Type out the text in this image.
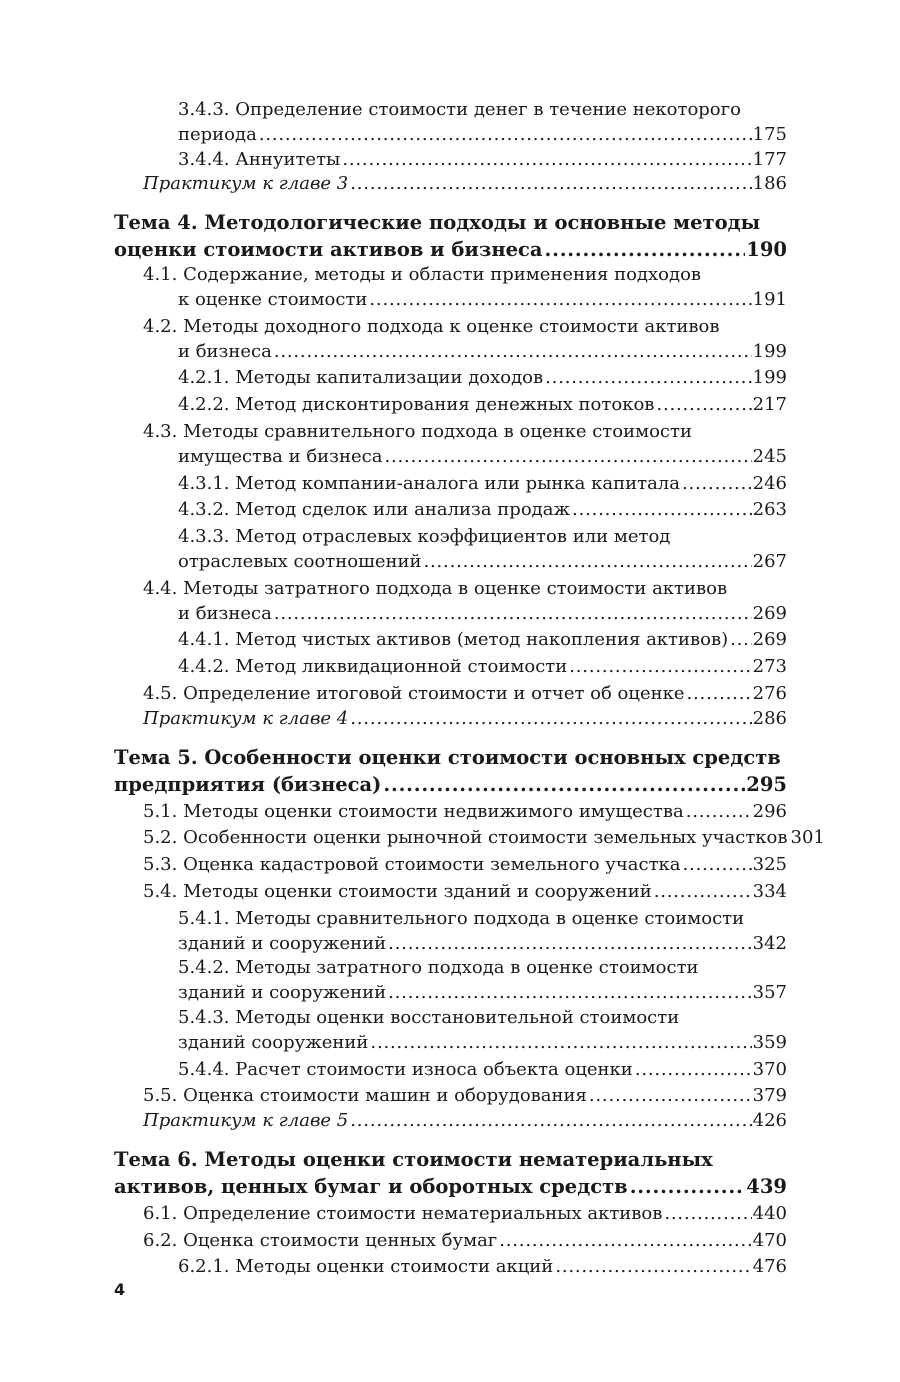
3.4.3. Определение стоимости денег в течение некоторого
периода .....	175
3.4.4. Аннуитеты .....	177
Практикум к главе 3 .....	186
Тема 4. Методологические подходы и основные методы
оценки стоимости активов и бизнеса .....	190
4.1. Содержание, методы и области применения подходов
к оценке стоимости .....	191
4.2. Методы доходного подхода к оценке стоимости активов
и бизнеса .....	199
4.2.1. Методы капитализации доходов .....	199
4.2.2. Метод дисконтирования денежных потоков .....	217
4.3. Методы сравнительного подхода в оценке стоимости
имущества и бизнеса .....	245
4.3.1. Метод компании-аналога или рынка капитала .....	246
4.3.2. Метод сделок или анализа продаж .....	263
4.3.3. Метод отраслевых коэффициентов или метод
отраслевых соотношений .....	267
4.4. Методы затратного подхода в оценке стоимости активов
и бизнеса .....	269
4.4.1. Метод чистых активов (метод накопления активов) ..... 269
4.4.2. Метод ликвидационной стоимости .....	273
4.5. Определение итоговой стоимости и отчет об оценке .....	276
Практикум к главе 4 .....	286
Тема 5. Особенности оценки стоимости основных средств
предприятия (бизнеса) .....	295
5.1. Методы оценки стоимости недвижимого имущества .....	296
5.2. Особенности оценки рыночной стоимости земельных участков 301
5.3. Оценка кадастровой стоимости земельного участка .....	325
5.4. Методы оценки стоимости зданий и сооружений .....	334
5.4.1. Методы сравнительного подхода в оценке стоимости
зданий и сооружений .....	342
5.4.2. Методы затратного подхода в оценке стоимости
зданий и сооружений .....	357
5.4.3. Методы оценки восстановительной стоимости
зданий сооружений .....	359
5.4.4. Расчет стоимости износа объекта оценки .....	370
5.5. Оценка стоимости машин и оборудования .....	379
Практикум к главе 5 .....	426
Тема 6. Методы оценки стоимости нематериальных
активов, ценных бумаг и оборотных средств .....	439
6.1. Определение стоимости нематериальных активов .....	440
6.2. Оценка стоимости ценных бумаг .....	470
6.2.1. Методы оценки стоимости акций .....	476
4
